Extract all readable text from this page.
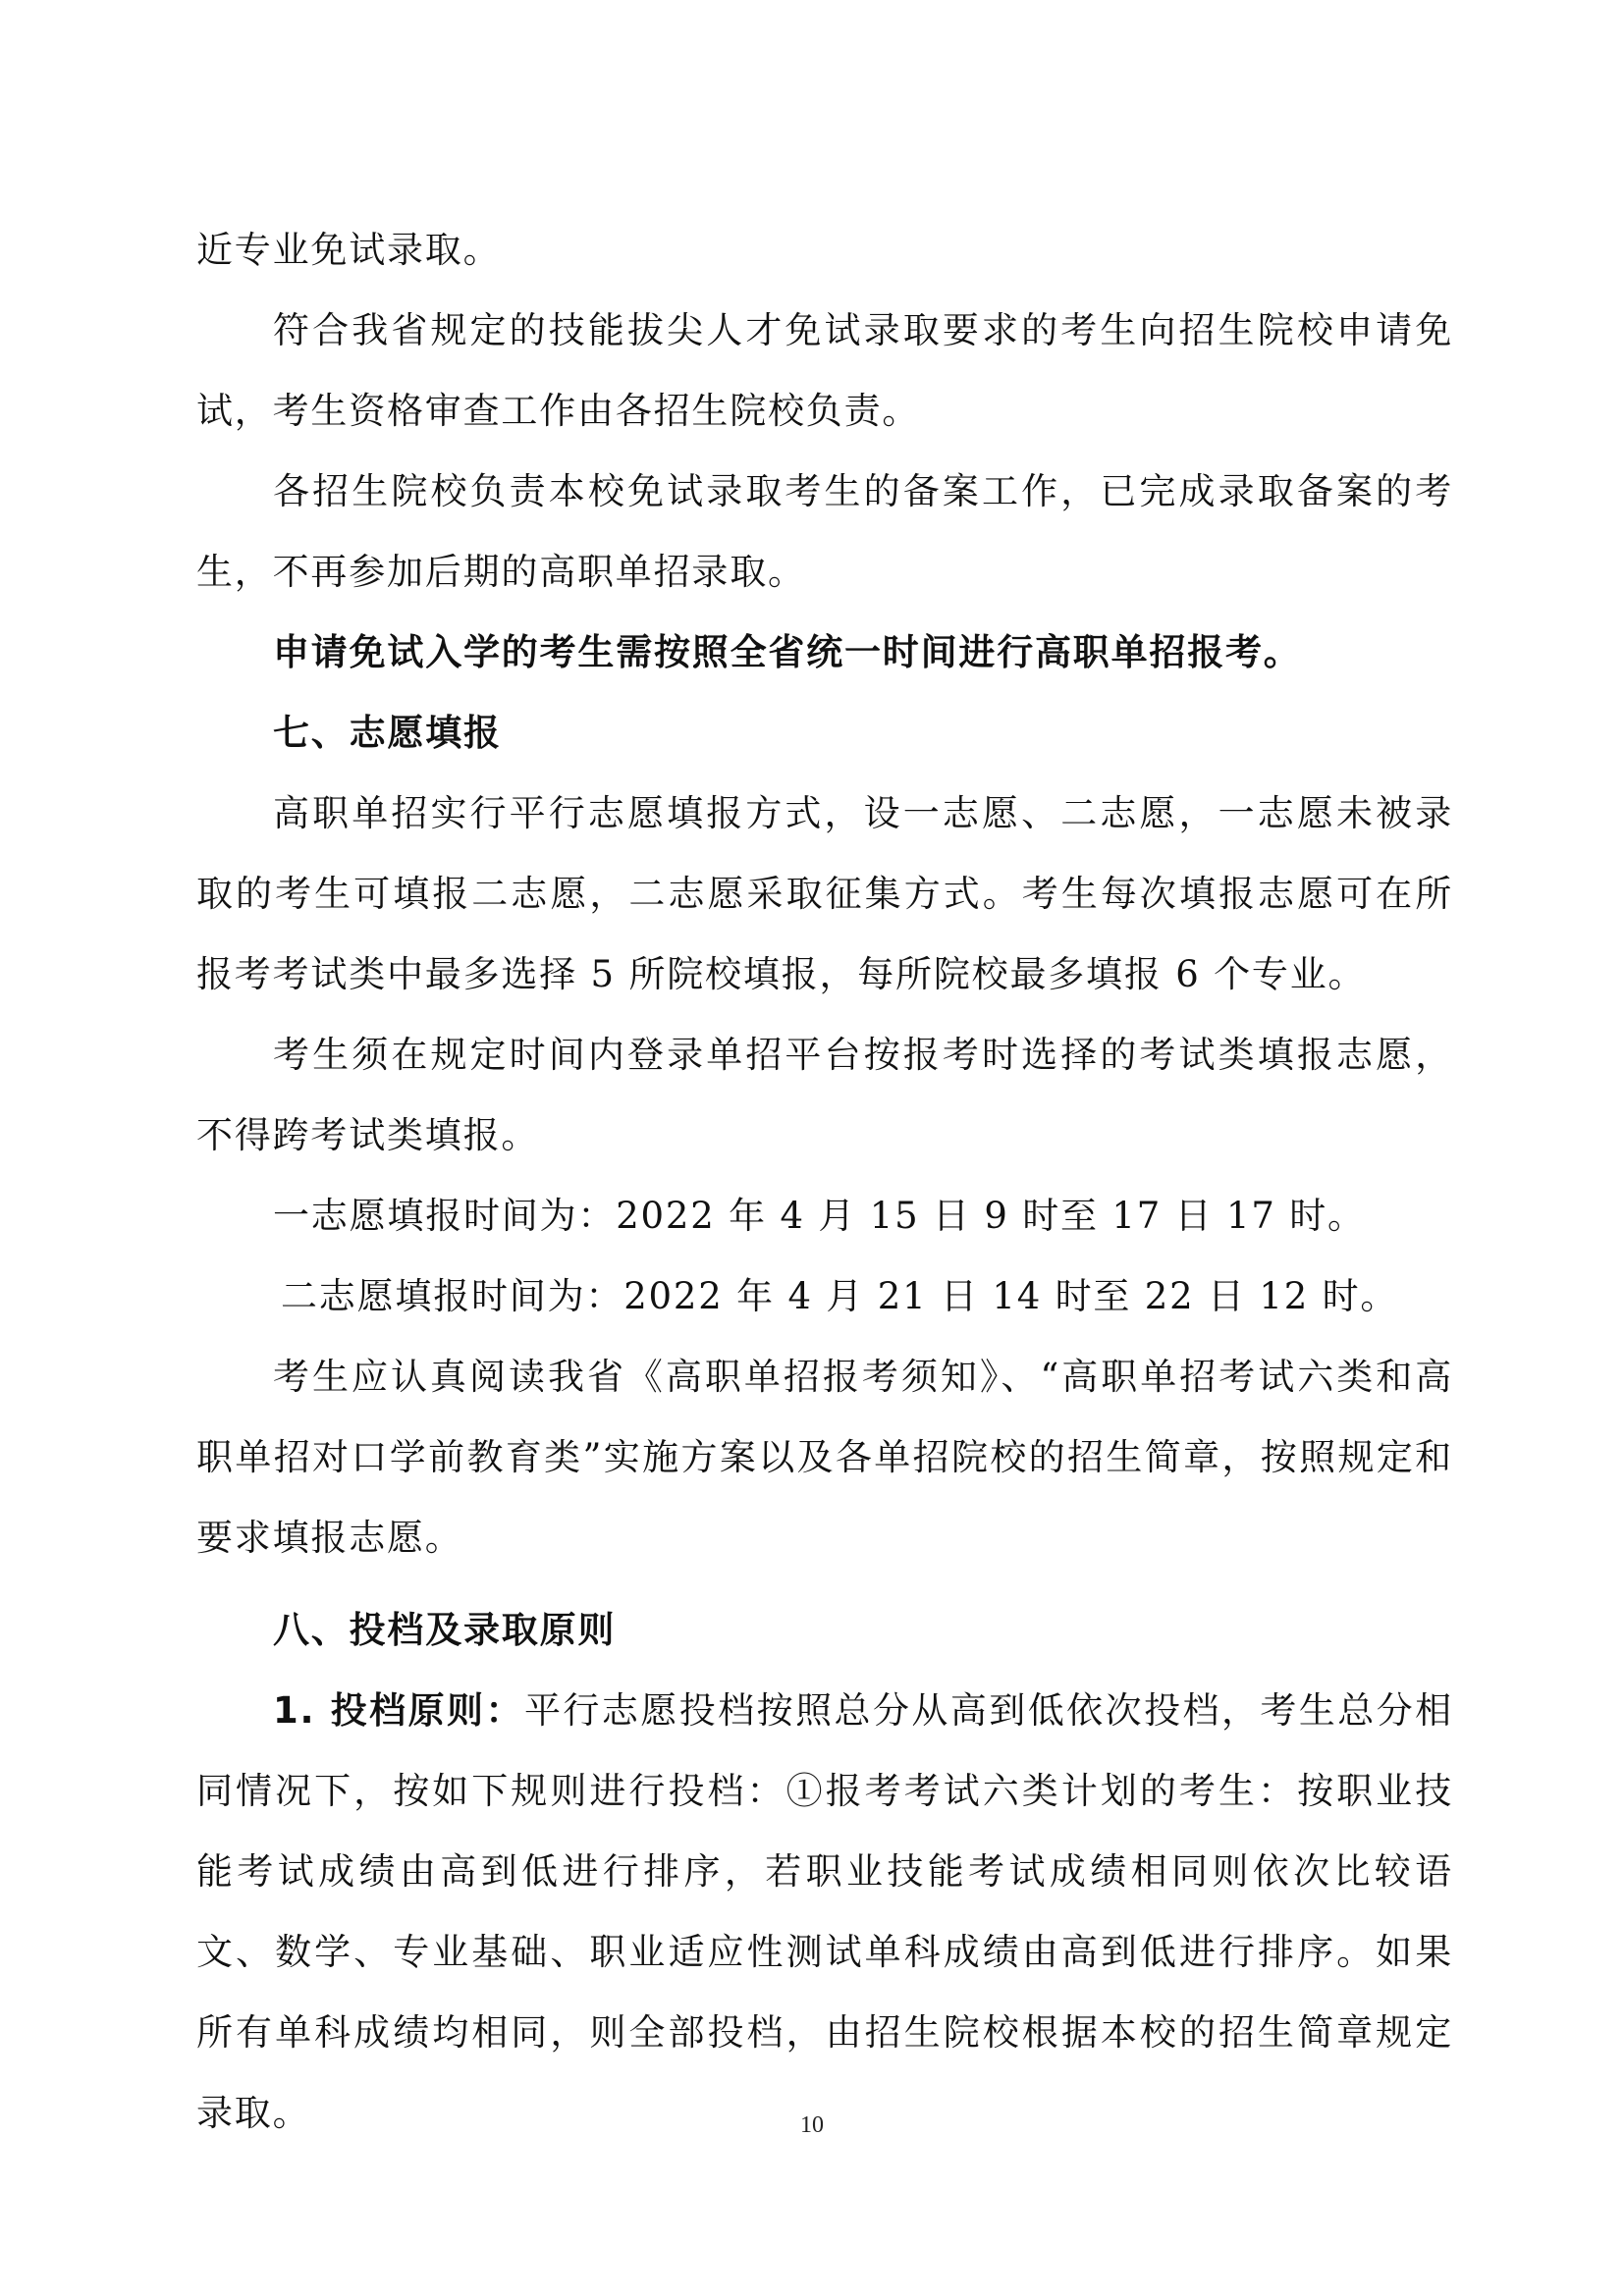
近专业免试录取。

符合我省规定的技能拔尖人才免试录取要求的考生向招生院校申请免试，考生资格审查工作由各招生院校负责。

各招生院校负责本校免试录取考生的备案工作，已完成录取备案的考生，不再参加后期的高职单招录取。

申请免试入学的考生需按照全省统一时间进行高职单招报考。

七、志愿填报

高职单招实行平行志愿填报方式，设一志愿、二志愿，一志愿未被录取的考生可填报二志愿，二志愿采取征集方式。考生每次填报志愿可在所报考考试类中最多选择 5 所院校填报，每所院校最多填报 6 个专业。

考生须在规定时间内登录单招平台按报考时选择的考试类填报志愿，不得跨考试类填报。

一志愿填报时间为：2022 年 4 月 15 日 9 时至 17 日 17 时。

二志愿填报时间为：2022 年 4 月 21 日 14 时至 22 日 12 时。

考生应认真阅读我省《高职单招报考须知》、“高职单招考试六类和高职单招对口学前教育类”实施方案以及各单招院校的招生简章，按照规定和要求填报志愿。

八、投档及录取原则

1. 投档原则：平行志愿投档按照总分从高到低依次投档，考生总分相同情况下，按如下规则进行投档：①报考考试六类计划的考生：按职业技能考试成绩由高到低进行排序，若职业技能考试成绩相同则依次比较语文、数学、专业基础、职业适应性测试单科成绩由高到低进行排序。如果所有单科成绩均相同，则全部投档，由招生院校根据本校的招生简章规定录取。	10
